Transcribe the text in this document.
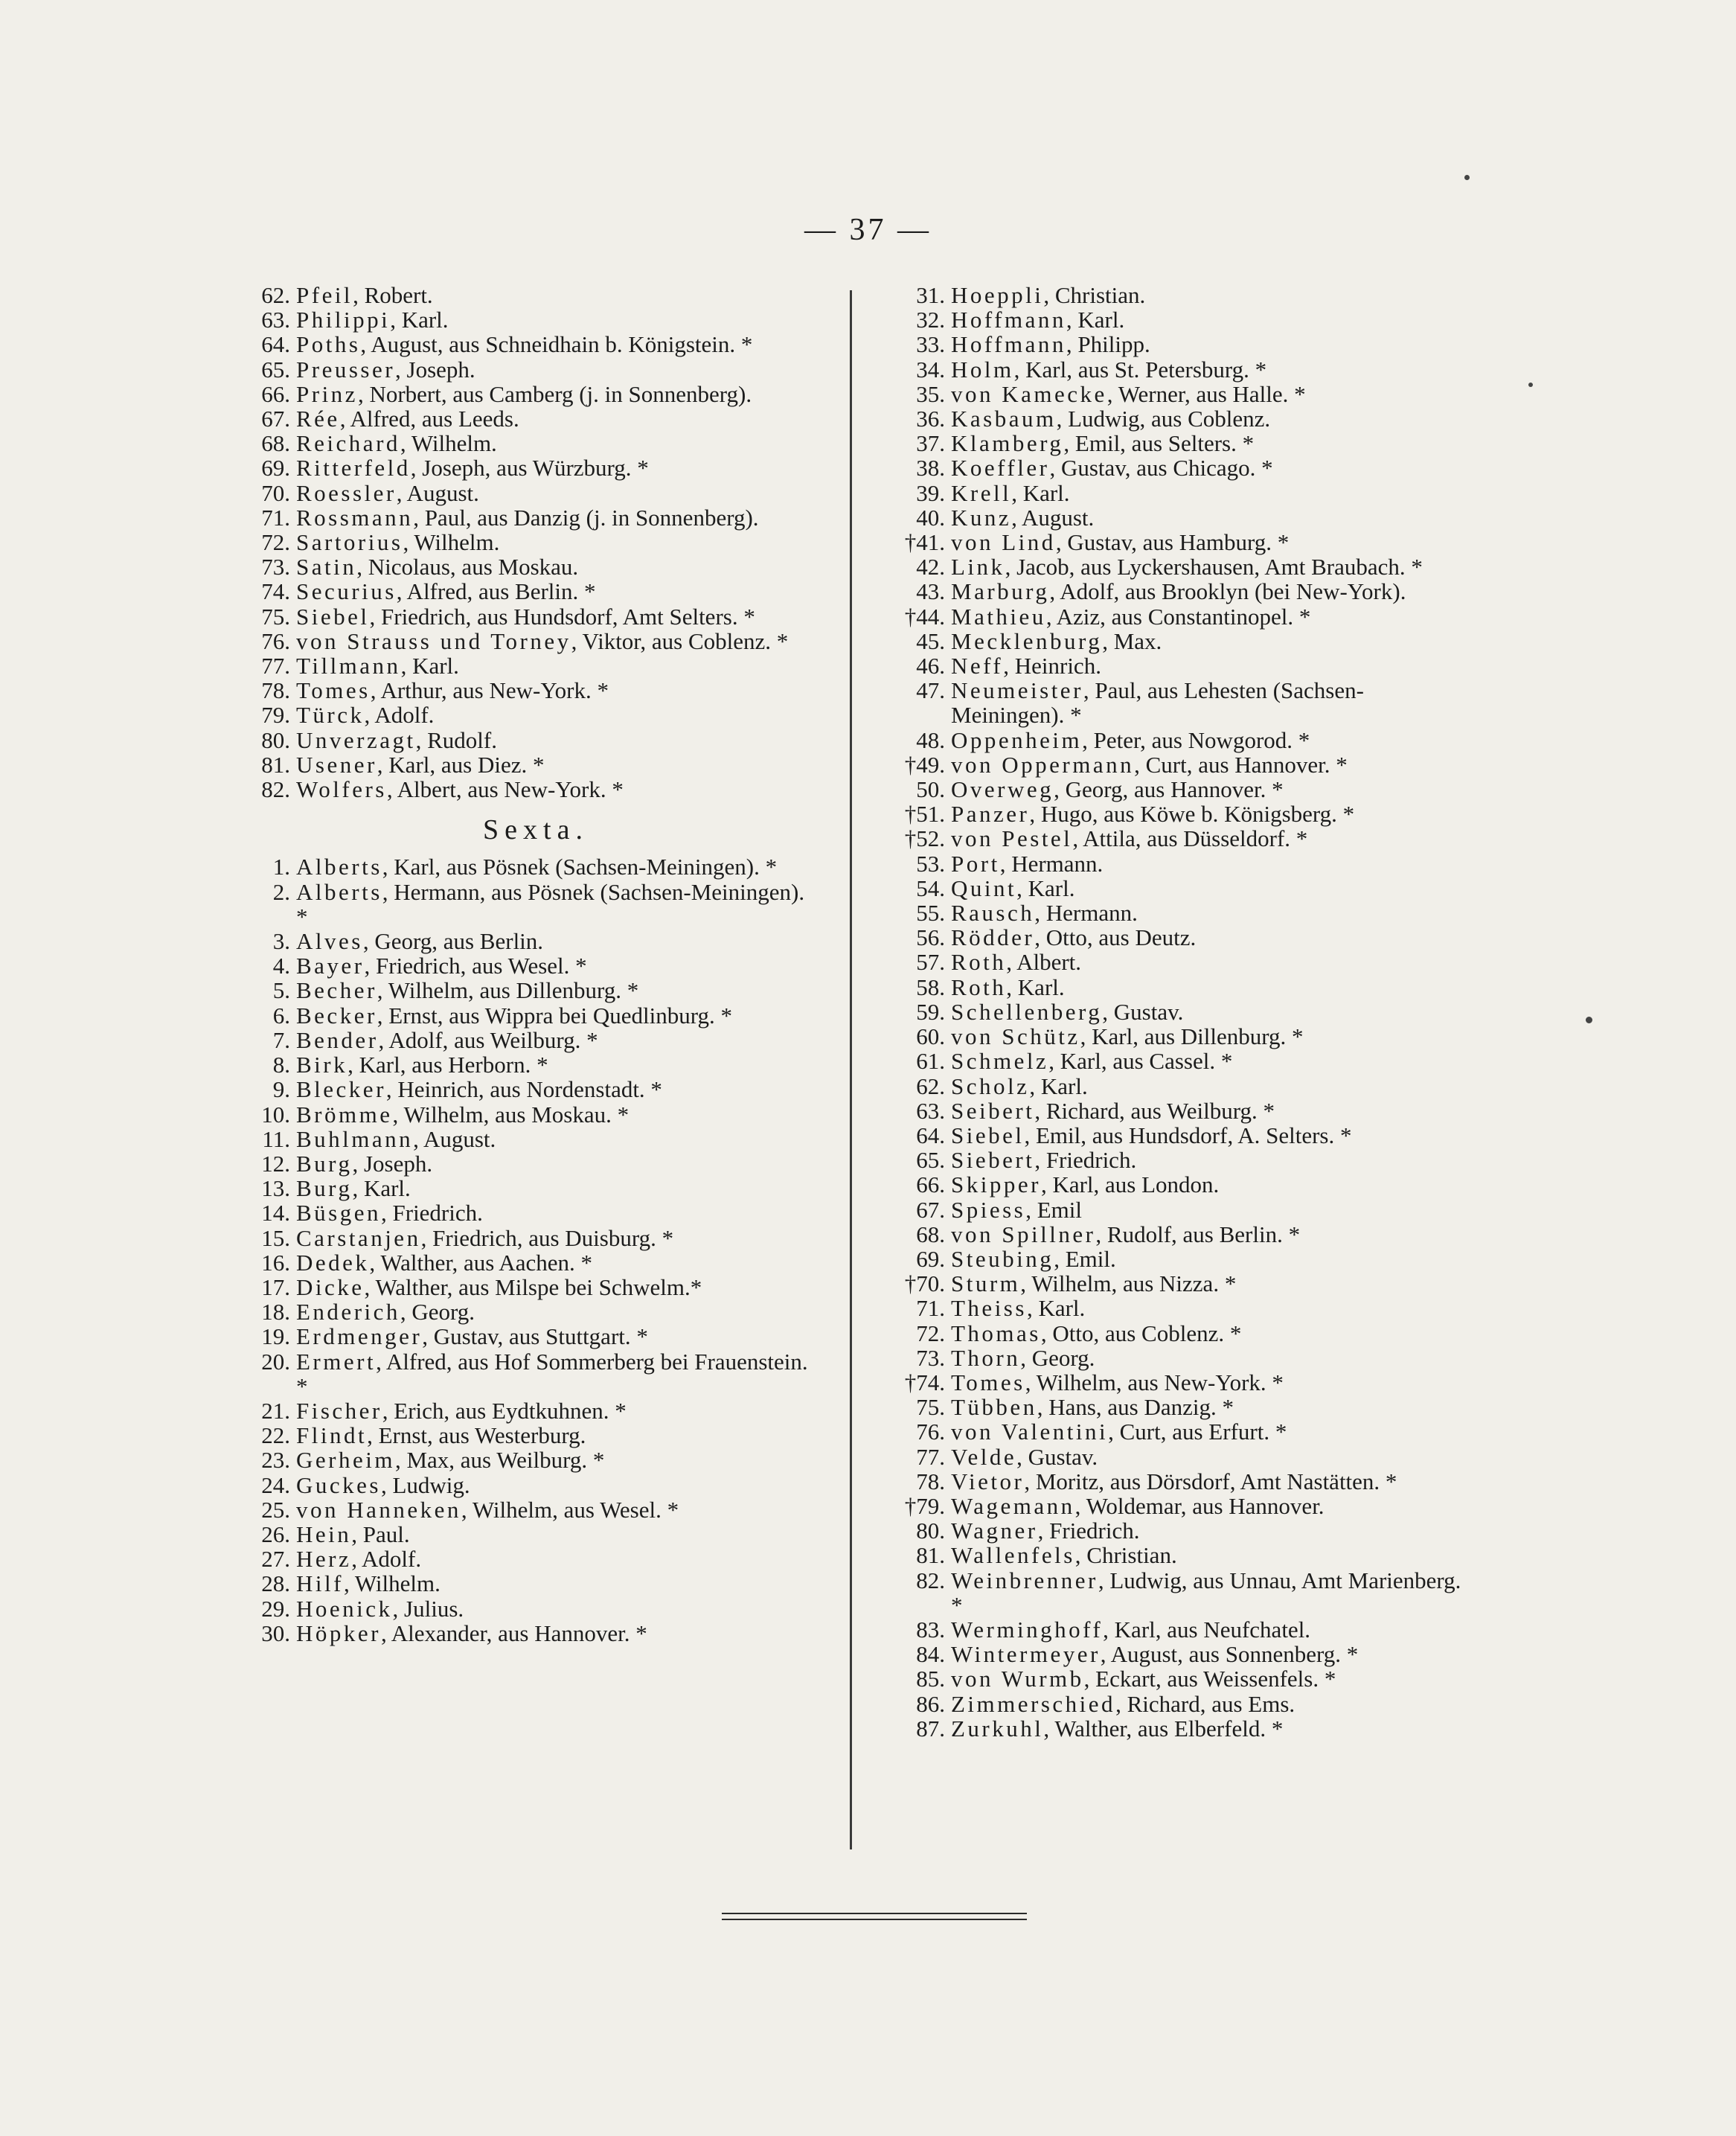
— 37 —
62. Pfeil, Robert.
63. Philippi, Karl.
64. Poths, August, aus Schneidhain b. Königstein. *
65. Preusser, Joseph.
66. Prinz, Norbert, aus Camberg (j. in Sonnenberg).
67. Rée, Alfred, aus Leeds.
68. Reichard, Wilhelm.
69. Ritterfeld, Joseph, aus Würzburg. *
70. Roessler, August.
71. Rossmann, Paul, aus Danzig (j. in Sonnenberg).
72. Sartorius, Wilhelm.
73. Satin, Nicolaus, aus Moskau.
74. Securius, Alfred, aus Berlin. *
75. Siebel, Friedrich, aus Hundsdorf, Amt Selters. *
76. von Strauss und Torney, Viktor, aus Coblenz. *
77. Tillmann, Karl.
78. Tomes, Arthur, aus New-York. *
79. Türck, Adolf.
80. Unverzagt, Rudolf.
81. Usener, Karl, aus Diez. *
82. Wolfers, Albert, aus New-York. *
Sexta.
1. Alberts, Karl, aus Pösnek (Sachsen-Meiningen). *
2. Alberts, Hermann, aus Pösnek (Sachsen-Meiningen). *
3. Alves, Georg, aus Berlin.
4. Bayer, Friedrich, aus Wesel. *
5. Becher, Wilhelm, aus Dillenburg. *
6. Becker, Ernst, aus Wippra bei Quedlinburg. *
7. Bender, Adolf, aus Weilburg. *
8. Birk, Karl, aus Herborn. *
9. Blecker, Heinrich, aus Nordenstadt. *
10. Brömme, Wilhelm, aus Moskau. *
11. Buhlmann, August.
12. Burg, Joseph.
13. Burg, Karl.
14. Büsgen, Friedrich.
15. Carstanjen, Friedrich, aus Duisburg. *
16. Dedek, Walther, aus Aachen. *
17. Dicke, Walther, aus Milspe bei Schwelm.*
18. Enderich, Georg.
19. Erdmenger, Gustav, aus Stuttgart. *
20. Ermert, Alfred, aus Hof Sommerberg bei Frauenstein. *
21. Fischer, Erich, aus Eydtkuhnen. *
22. Flindt, Ernst, aus Westerburg.
23. Gerheim, Max, aus Weilburg. *
24. Guckes, Ludwig.
25. von Hanneken, Wilhelm, aus Wesel. *
26. Hein, Paul.
27. Herz, Adolf.
28. Hilf, Wilhelm.
29. Hoenick, Julius.
30. Höpker, Alexander, aus Hannover. *
31. Hoeppli, Christian.
32. Hoffmann, Karl.
33. Hoffmann, Philipp.
34. Holm, Karl, aus St. Petersburg. *
35. von Kamecke, Werner, aus Halle. *
36. Kasbaum, Ludwig, aus Coblenz.
37. Klamberg, Emil, aus Selters. *
38. Koeffler, Gustav, aus Chicago. *
39. Krell, Karl.
40. Kunz, August.
†41. von Lind, Gustav, aus Hamburg. *
42. Link, Jacob, aus Lyckershausen, Amt Braubach. *
43. Marburg, Adolf, aus Brooklyn (bei New-York).
†44. Mathieu, Aziz, aus Constantinopel. *
45. Mecklenburg, Max.
46. Neff, Heinrich.
47. Neumeister, Paul, aus Lehesten (Sachsen-Meiningen). *
48. Oppenheim, Peter, aus Nowgorod. *
†49. von Oppermann, Curt, aus Hannover. *
50. Overweg, Georg, aus Hannover. *
†51. Panzer, Hugo, aus Köwe b. Königsberg. *
†52. von Pestel, Attila, aus Düsseldorf. *
53. Port, Hermann.
54. Quint, Karl.
55. Rausch, Hermann.
56. Rödder, Otto, aus Deutz.
57. Roth, Albert.
58. Roth, Karl.
59. Schellenberg, Gustav.
60. von Schütz, Karl, aus Dillenburg. *
61. Schmelz, Karl, aus Cassel. *
62. Scholz, Karl.
63. Seibert, Richard, aus Weilburg. *
64. Siebel, Emil, aus Hundsdorf, A. Selters. *
65. Siebert, Friedrich.
66. Skipper, Karl, aus London.
67. Spiess, Emil
68. von Spillner, Rudolf, aus Berlin. *
69. Steubing, Emil.
†70. Sturm, Wilhelm, aus Nizza. *
71. Theiss, Karl.
72. Thomas, Otto, aus Coblenz. *
73. Thorn, Georg.
†74. Tomes, Wilhelm, aus New-York. *
75. Tübben, Hans, aus Danzig. *
76. von Valentini, Curt, aus Erfurt. *
77. Velde, Gustav.
78. Vietor, Moritz, aus Dörsdorf, Amt Nastätten. *
†79. Wagemann, Woldemar, aus Hannover.
80. Wagner, Friedrich.
81. Wallenfels, Christian.
82. Weinbrenner, Ludwig, aus Unnau, Amt Marienberg. *
83. Werminghoff, Karl, aus Neufchatel.
84. Wintermeyer, August, aus Sonnenberg. *
85. von Wurmb, Eckart, aus Weissenfels. *
86. Zimmerschied, Richard, aus Ems.
87. Zurkuhl, Walther, aus Elberfeld. *
